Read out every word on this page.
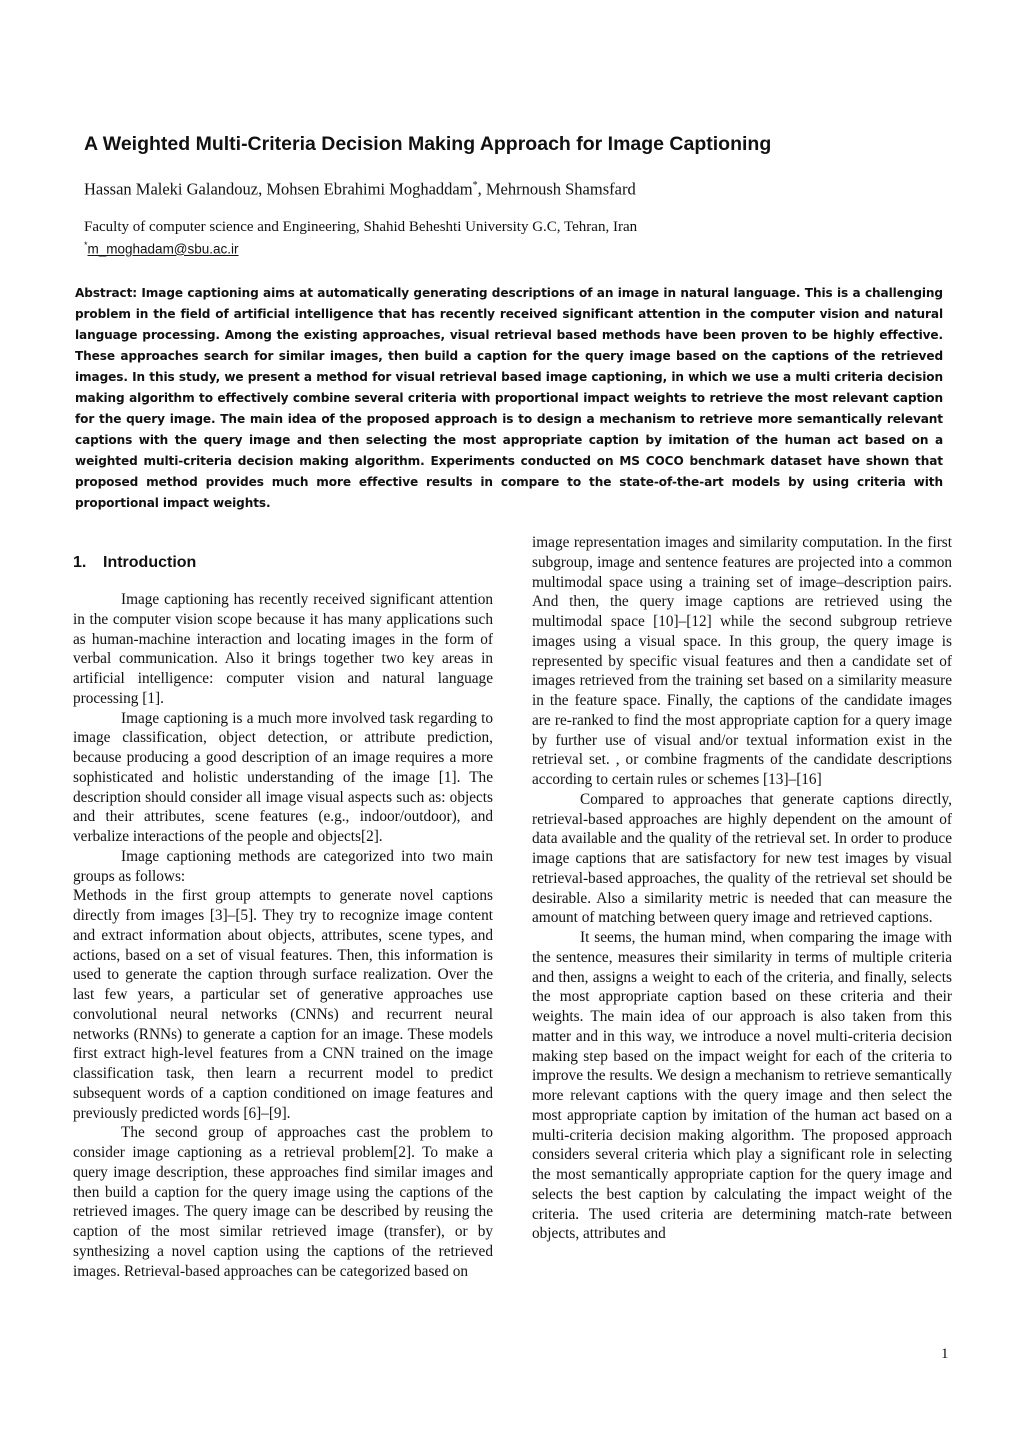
A Weighted Multi-Criteria Decision Making Approach for Image Captioning
Hassan Maleki Galandouz, Mohsen Ebrahimi Moghaddam*, Mehrnoush Shamsfard
Faculty of computer science and Engineering, Shahid Beheshti University G.C, Tehran, Iran
*m_moghadam@sbu.ac.ir

Abstract: Image captioning aims at automatically generating descriptions of an image in natural language. This is a challenging problem in the field of artificial intelligence that has recently received significant attention in the computer vision and natural language processing. Among the existing approaches, visual retrieval based methods have been proven to be highly effective. These approaches search for similar images, then build a caption for the query image based on the captions of the retrieved images. In this study, we present a method for visual retrieval based image captioning, in which we use a multi criteria decision making algorithm to effectively combine several criteria with proportional impact weights to retrieve the most relevant caption for the query image. The main idea of the proposed approach is to design a mechanism to retrieve more semantically relevant captions with the query image and then selecting the most appropriate caption by imitation of the human act based on a weighted multi-criteria decision making algorithm. Experiments conducted on MS COCO benchmark dataset have shown that proposed method provides much more effective results in compare to the state-of-the-art models by using criteria with proportional impact weights.

1. Introduction

Image captioning has recently received significant attention in the computer vision scope because it has many applications such as human-machine interaction and locating images in the form of verbal communication. Also it brings together two key areas in artificial intelligence: computer vision and natural language processing [1].

Image captioning is a much more involved task regarding to image classification, object detection, or attribute prediction, because producing a good description of an image requires a more sophisticated and holistic understanding of the image [1]. The description should consider all image visual aspects such as: objects and their attributes, scene features (e.g., indoor/outdoor), and verbalize interactions of the people and objects[2].

Image captioning methods are categorized into two main groups as follows:

Methods in the first group attempts to generate novel captions directly from images [3]–[5]. They try to recognize image content and extract information about objects, attributes, scene types, and actions, based on a set of visual features. Then, this information is used to generate the caption through surface realization. Over the last few years, a particular set of generative approaches use convolutional neural networks (CNNs) and recurrent neural networks (RNNs) to generate a caption for an image. These models first extract high-level features from a CNN trained on the image classification task, then learn a recurrent model to predict subsequent words of a caption conditioned on image features and previously predicted words [6]–[9].

The second group of approaches cast the problem to consider image captioning as a retrieval problem[2]. To make a query image description, these approaches find similar images and then build a caption for the query image using the captions of the retrieved images. The query image can be described by reusing the caption of the most similar retrieved image (transfer), or by synthesizing a novel caption using the captions of the retrieved images. Retrieval-based approaches can be categorized based on

image representation images and similarity computation. In the first subgroup, image and sentence features are projected into a common multimodal space using a training set of image–description pairs. And then, the query image captions are retrieved using the multimodal space [10]–[12] while the second subgroup retrieve images using a visual space. In this group, the query image is represented by specific visual features and then a candidate set of images retrieved from the training set based on a similarity measure in the feature space. Finally, the captions of the candidate images are re-ranked to find the most appropriate caption for a query image by further use of visual and/or textual information exist in the retrieval set. , or combine fragments of the candidate descriptions according to certain rules or schemes [13]–[16]

Compared to approaches that generate captions directly, retrieval-based approaches are highly dependent on the amount of data available and the quality of the retrieval set. In order to produce image captions that are satisfactory for new test images by visual retrieval-based approaches, the quality of the retrieval set should be desirable. Also a similarity metric is needed that can measure the amount of matching between query image and retrieved captions.

It seems, the human mind, when comparing the image with the sentence, measures their similarity in terms of multiple criteria and then, assigns a weight to each of the criteria, and finally, selects the most appropriate caption based on these criteria and their weights. The main idea of our approach is also taken from this matter and in this way, we introduce a novel multi-criteria decision making step based on the impact weight for each of the criteria to improve the results. We design a mechanism to retrieve semantically more relevant captions with the query image and then select the most appropriate caption by imitation of the human act based on a multi-criteria decision making algorithm. The proposed approach considers several criteria which play a significant role in selecting the most semantically appropriate caption for the query image and selects the best caption by calculating the impact weight of the criteria. The used criteria are determining match-rate between objects, attributes and

1
